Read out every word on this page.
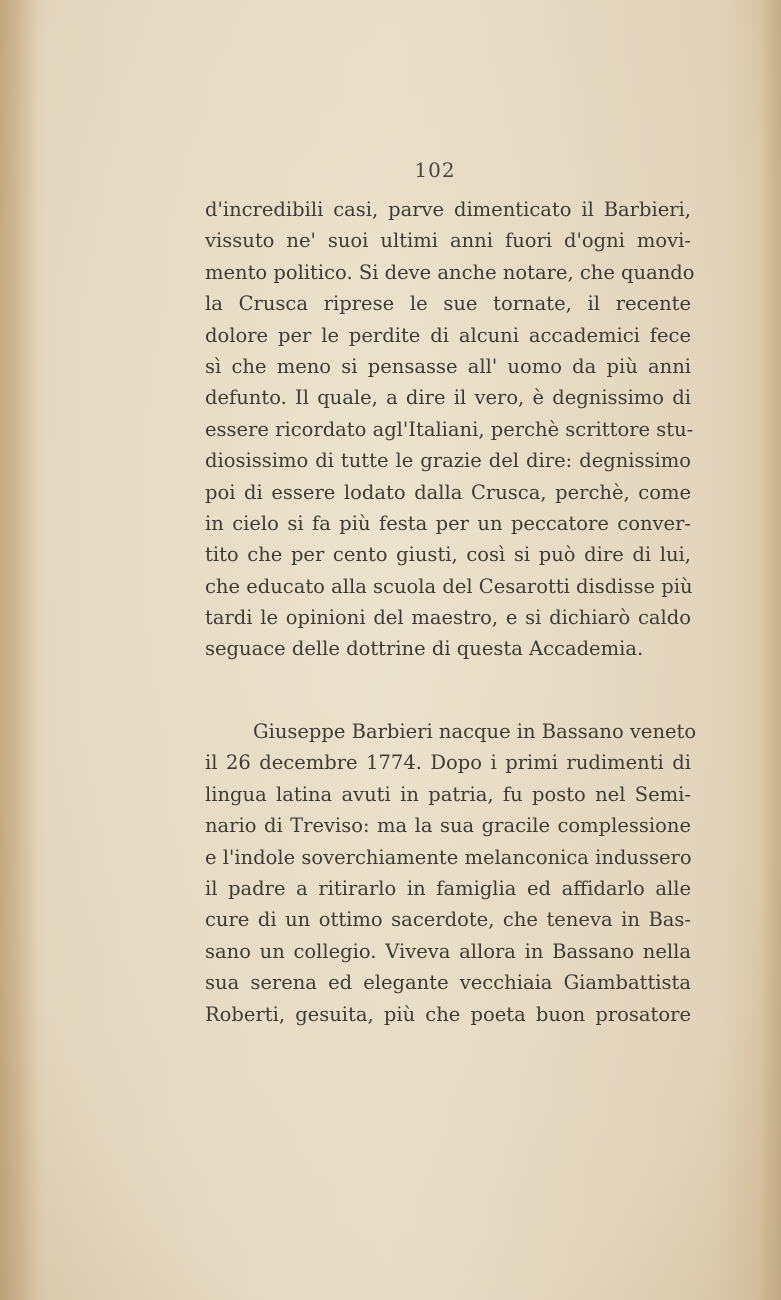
102
d'incredibili casi, parve dimenticato il Barbieri,
vissuto ne' suoi ultimi anni fuori d'ogni movi-
mento politico. Si deve anche notare, che quando
la Crusca riprese le sue tornate, il recente
dolore per le perdite di alcuni accademici fece
sì che meno si pensasse all' uomo da più anni
defunto. Il quale, a dire il vero, è degnissimo di
essere ricordato agl'Italiani, perchè scrittore stu-
diosissimo di tutte le grazie del dire: degnissimo
poi di essere lodato dalla Crusca, perchè, come
in cielo si fa più festa per un peccatore conver-
tito che per cento giusti, così si può dire di lui,
che educato alla scuola del Cesarotti disdisse più
tardi le opinioni del maestro, e si dichiarò caldo
seguace delle dottrine di questa Accademia.
Giuseppe Barbieri nacque in Bassano veneto
il 26 decembre 1774. Dopo i primi rudimenti di
lingua latina avuti in patria, fu posto nel Semi-
nario di Treviso: ma la sua gracile complessione
e l'indole soverchiamente melanconica indussero
il padre a ritirarlo in famiglia ed affidarlo alle
cure di un ottimo sacerdote, che teneva in Bas-
sano un collegio. Viveva allora in Bassano nella
sua serena ed elegante vecchiaia Giambattista
Roberti, gesuita, più che poeta buon prosatore
